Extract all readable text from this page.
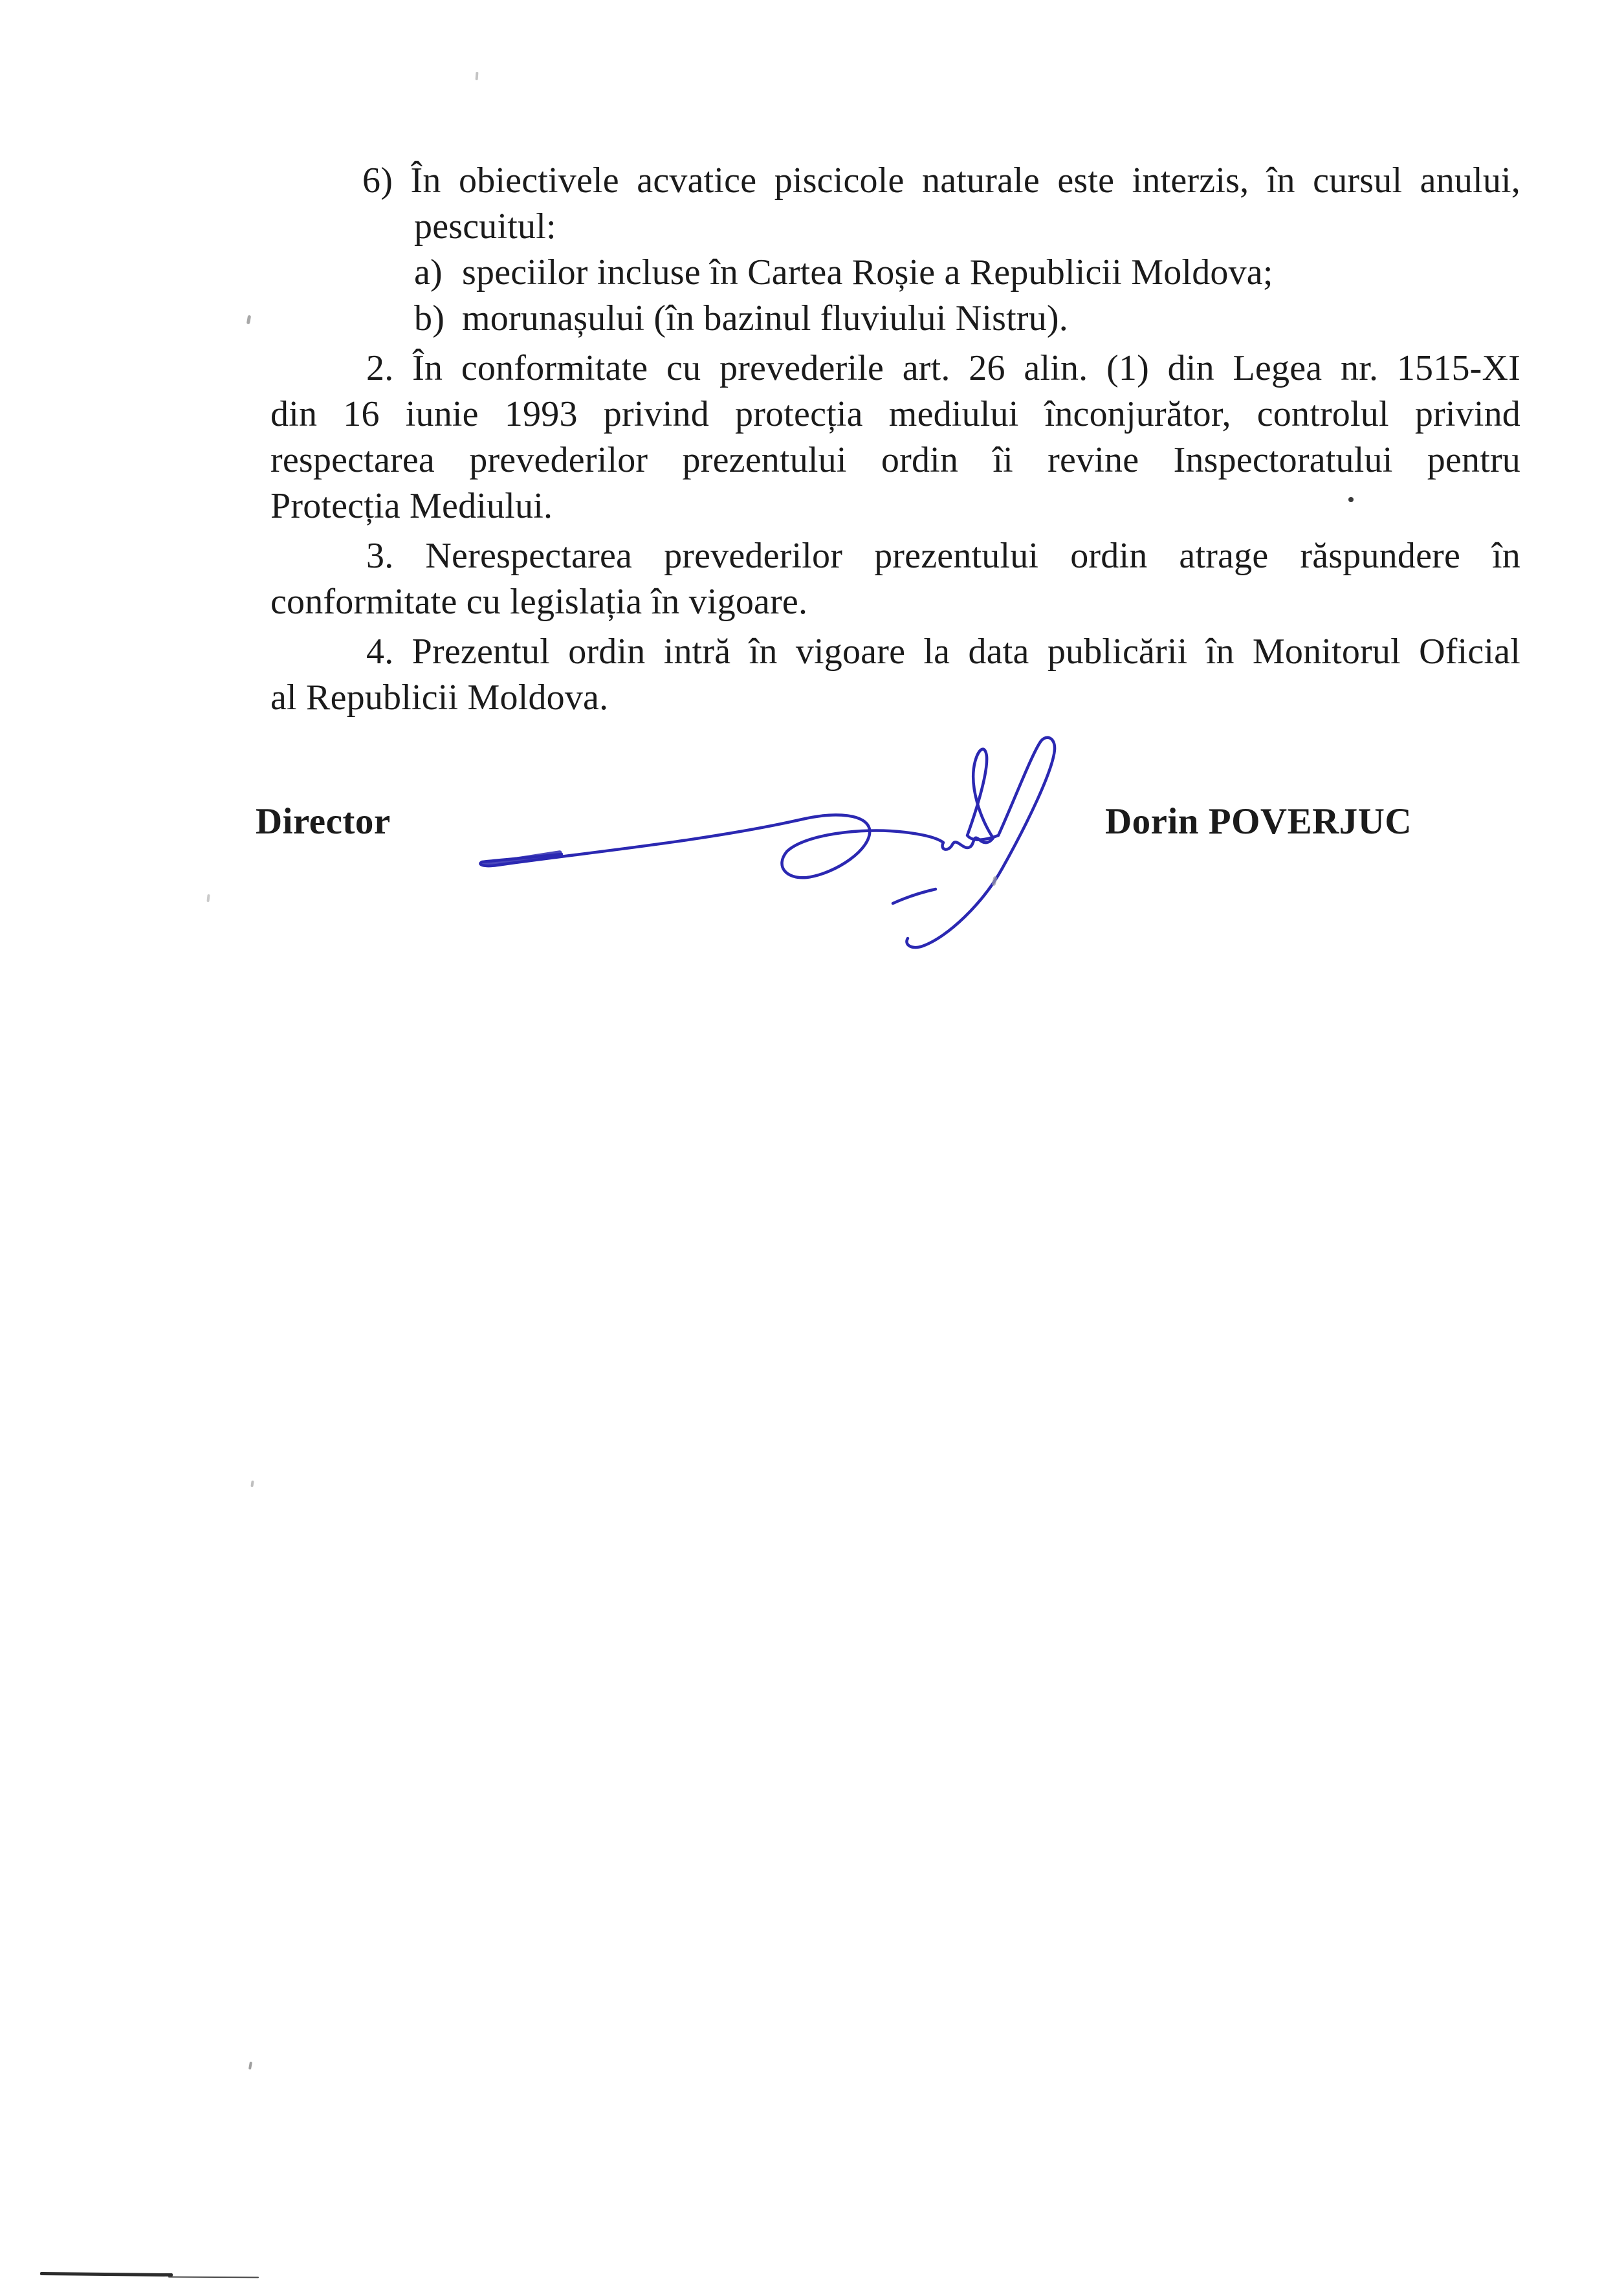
6) În obiectivele acvatice piscicole naturale este interzis, în cursul anului,
pescuitul:
a) speciilor incluse în Cartea Roșie a Republicii Moldova;
b) morunașului (în bazinul fluviului Nistru).
2. În conformitate cu prevederile art. 26 alin. (1) din Legea nr. 1515-XI
din 16 iunie 1993 privind protecția mediului înconjurător, controlul privind
respectarea prevederilor prezentului ordin îi revine Inspectoratului pentru
Protecția Mediului.
3. Nerespectarea prevederilor prezentului ordin atrage răspundere în
conformitate cu legislația în vigoare.
4. Prezentul ordin intră în vigoare la data publicării în Monitorul Oficial
al Republicii Moldova.
Director	Dorin POVERJUC
